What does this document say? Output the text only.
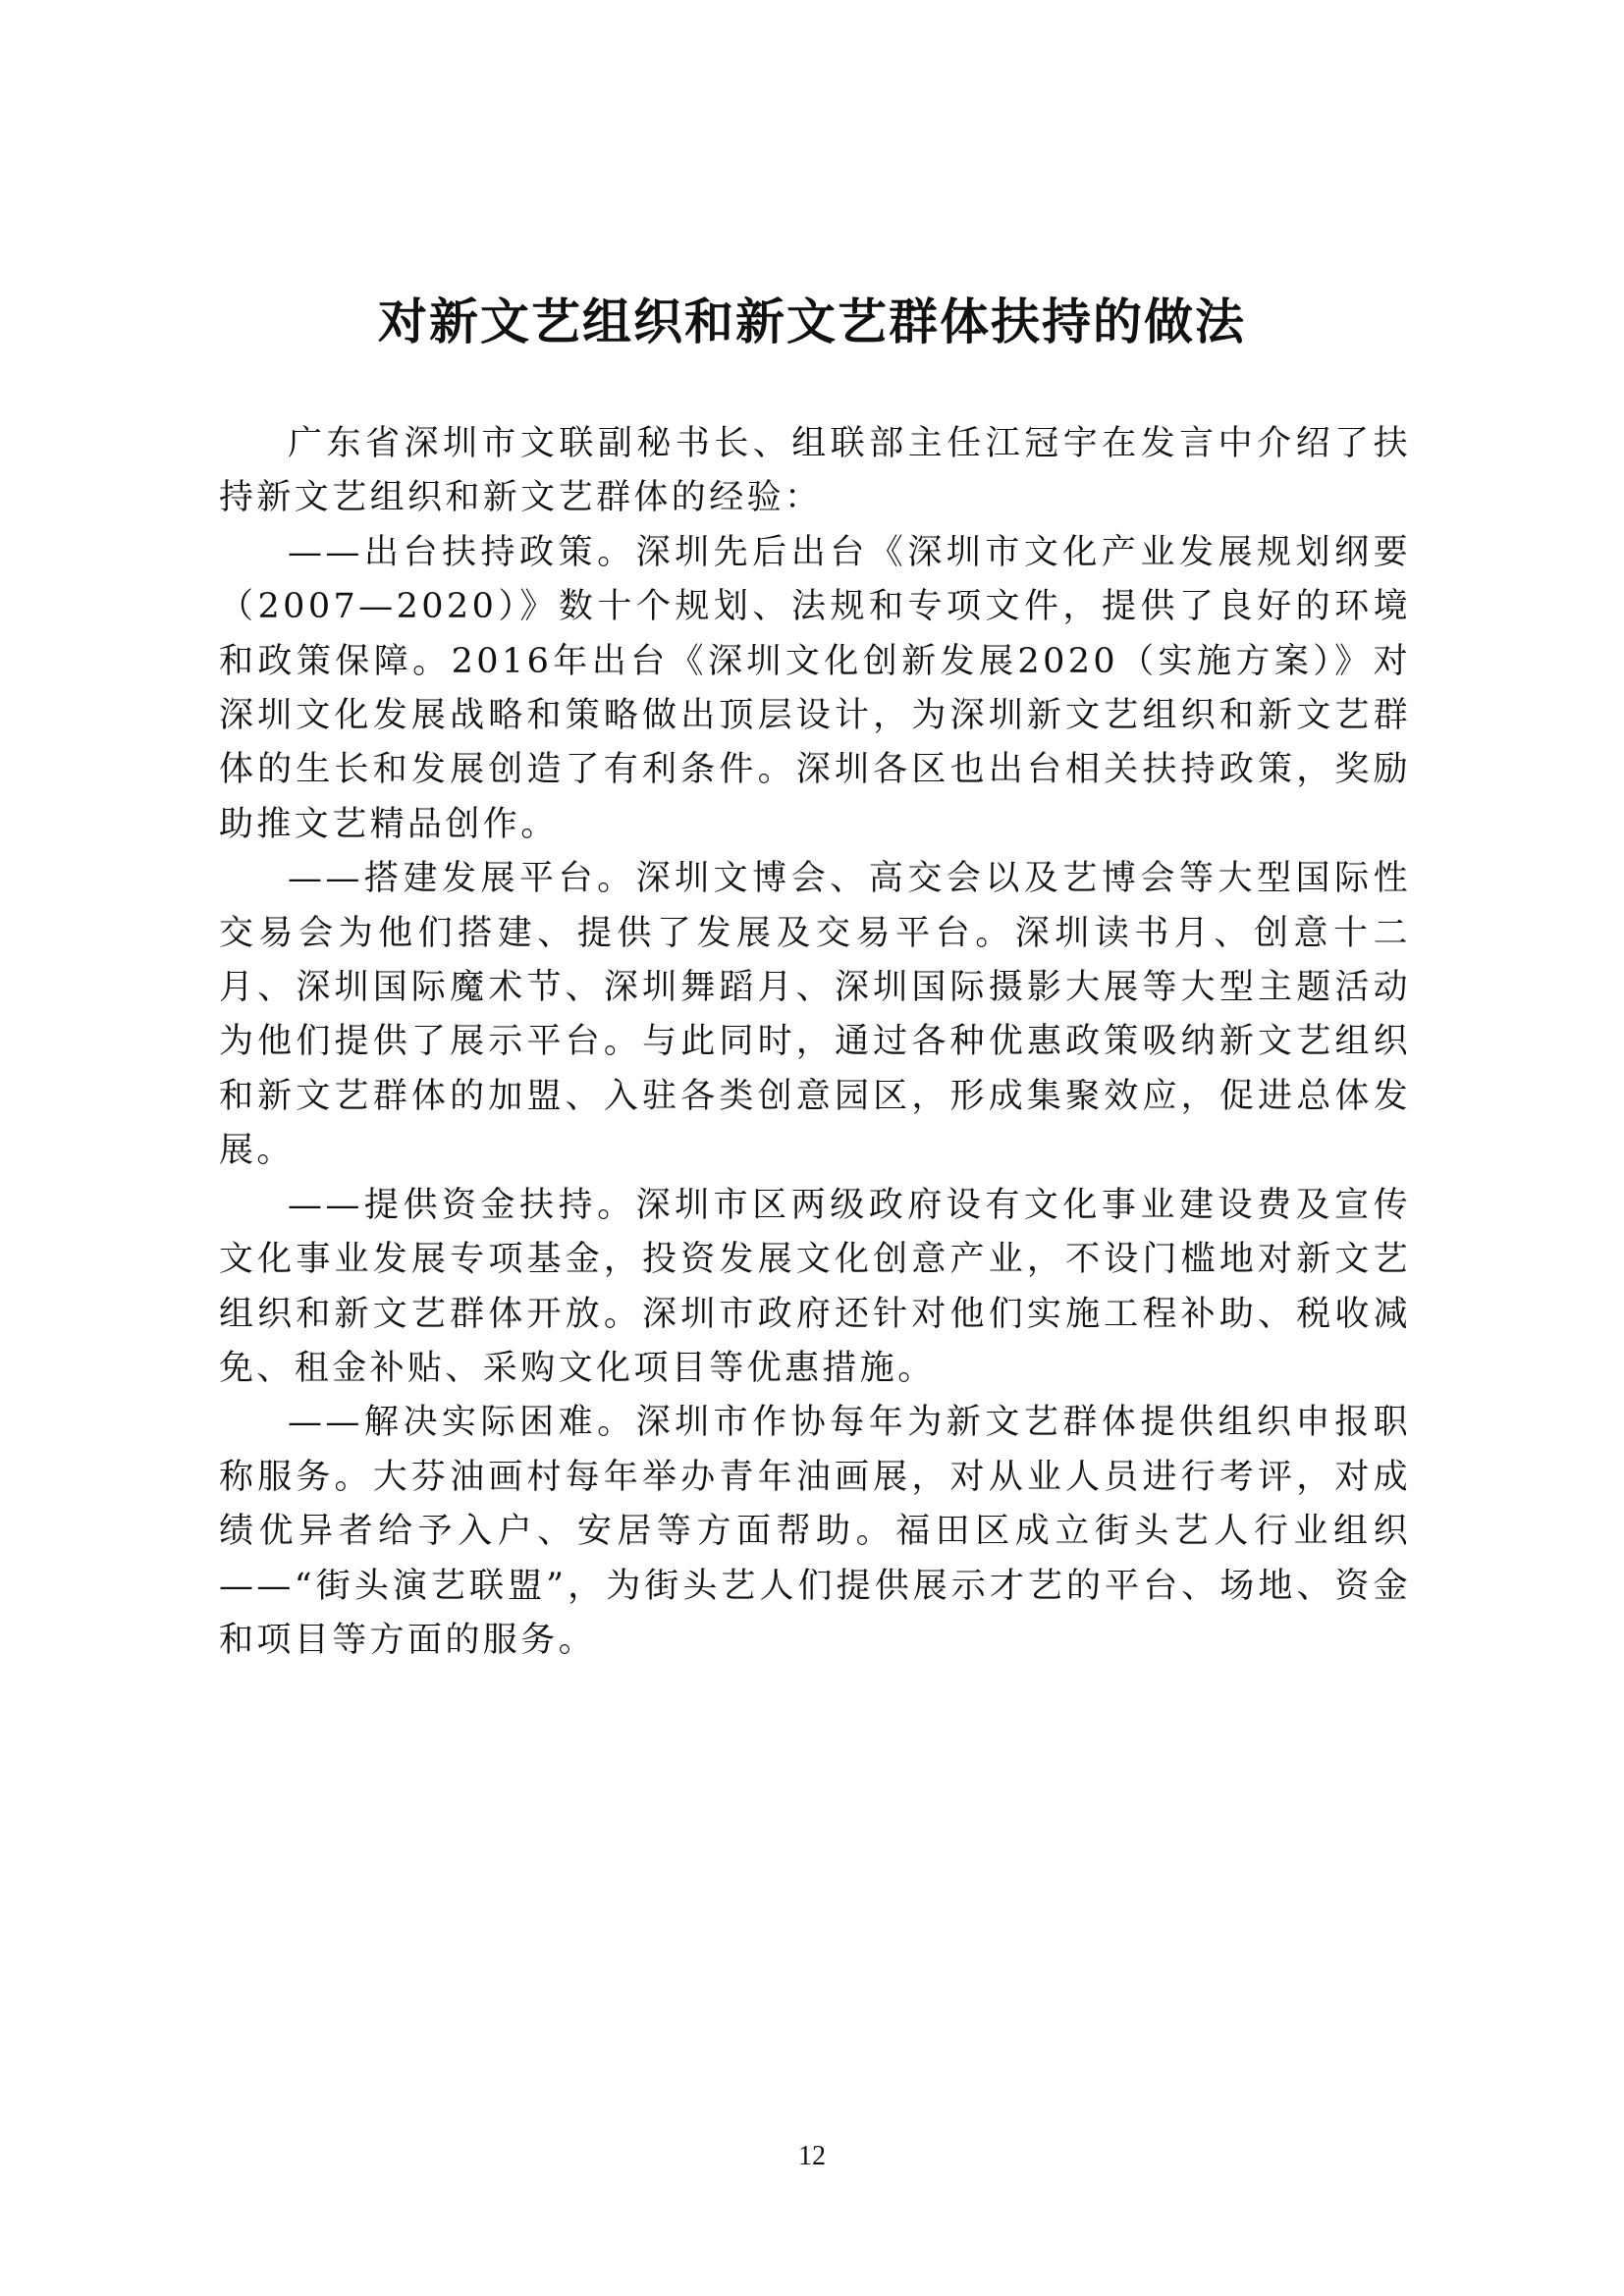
对新文艺组织和新文艺群体扶持的做法

广东省深圳市文联副秘书长、组联部主任江冠宇在发言中介绍了扶持新文艺组织和新文艺群体的经验：

——出台扶持政策。深圳先后出台《深圳市文化产业发展规划纲要（2007—2020）》数十个规划、法规和专项文件，提供了良好的环境和政策保障。2016年出台《深圳文化创新发展2020（实施方案）》对深圳文化发展战略和策略做出顶层设计，为深圳新文艺组织和新文艺群体的生长和发展创造了有利条件。深圳各区也出台相关扶持政策，奖励助推文艺精品创作。

——搭建发展平台。深圳文博会、高交会以及艺博会等大型国际性交易会为他们搭建、提供了发展及交易平台。深圳读书月、创意十二月、深圳国际魔术节、深圳舞蹈月、深圳国际摄影大展等大型主题活动为他们提供了展示平台。与此同时，通过各种优惠政策吸纳新文艺组织和新文艺群体的加盟、入驻各类创意园区，形成集聚效应，促进总体发展。

——提供资金扶持。深圳市区两级政府设有文化事业建设费及宣传文化事业发展专项基金，投资发展文化创意产业，不设门槛地对新文艺组织和新文艺群体开放。深圳市政府还针对他们实施工程补助、税收减免、租金补贴、采购文化项目等优惠措施。

——解决实际困难。深圳市作协每年为新文艺群体提供组织申报职称服务。大芬油画村每年举办青年油画展，对从业人员进行考评，对成绩优异者给予入户、安居等方面帮助。福田区成立街头艺人行业组织——“街头演艺联盟”，为街头艺人们提供展示才艺的平台、场地、资金和项目等方面的服务。

12
